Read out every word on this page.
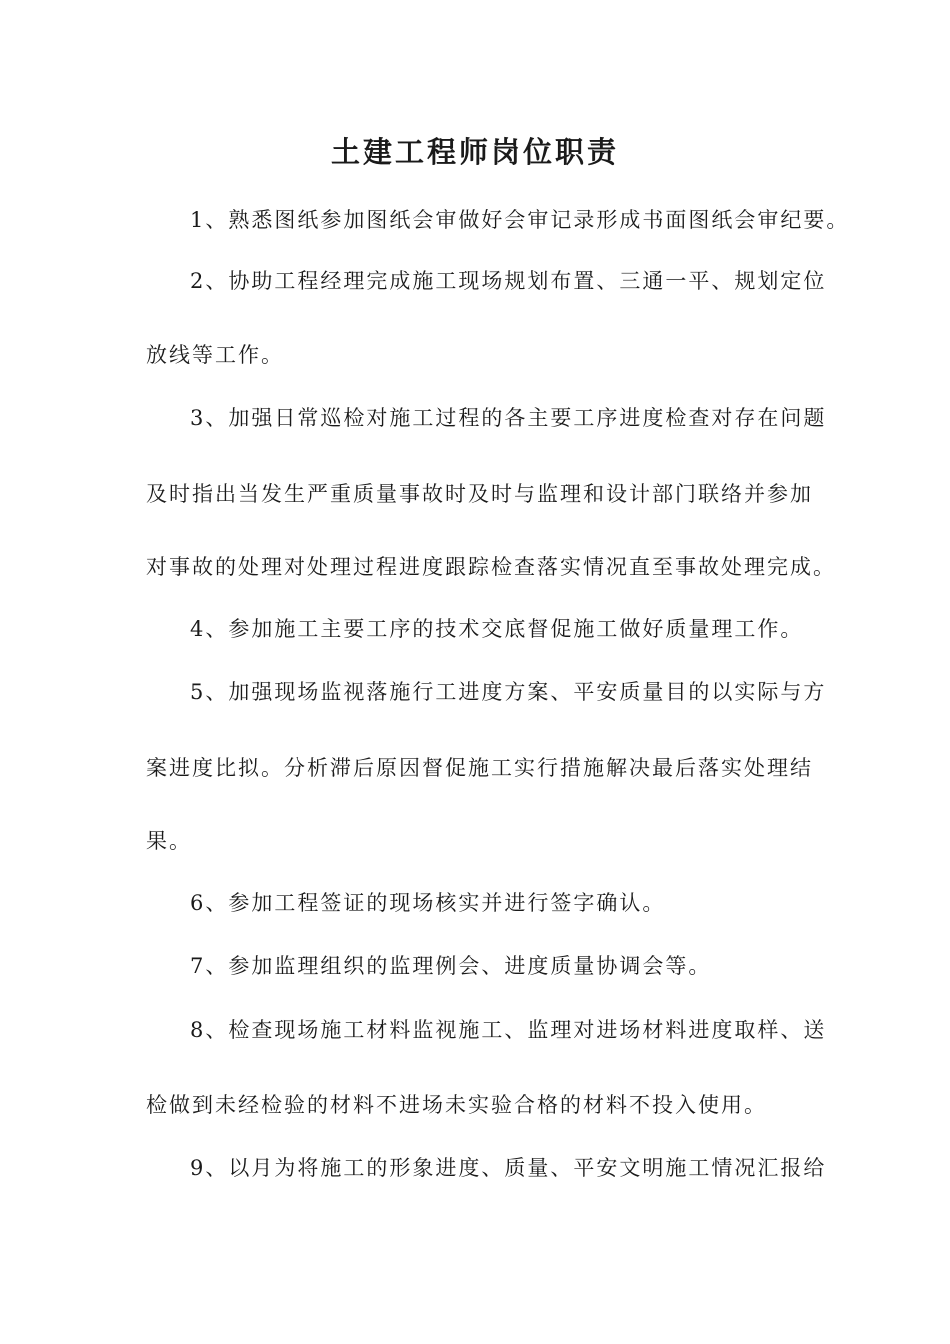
土建工程师岗位职责

1、熟悉图纸参加图纸会审做好会审记录形成书面图纸会审纪要。

2、协助工程经理完成施工现场规划布置、三通一平、规划定位

放线等工作。

3、加强日常巡检对施工过程的各主要工序进度检查对存在问题

及时指出当发生严重质量事故时及时与监理和设计部门联络并参加

对事故的处理对处理过程进度跟踪检查落实情况直至事故处理完成。

4、参加施工主要工序的技术交底督促施工做好质量理工作。

5、加强现场监视落施行工进度方案、平安质量目的以实际与方

案进度比拟。分析滞后原因督促施工实行措施解决最后落实处理结

果。

6、参加工程签证的现场核实并进行签字确认。

7、参加监理组织的监理例会、进度质量协调会等。

8、检查现场施工材料监视施工、监理对进场材料进度取样、送

检做到未经检验的材料不进场未实验合格的材料不投入使用。

9、以月为将施工的形象进度、质量、平安文明施工情况汇报给
